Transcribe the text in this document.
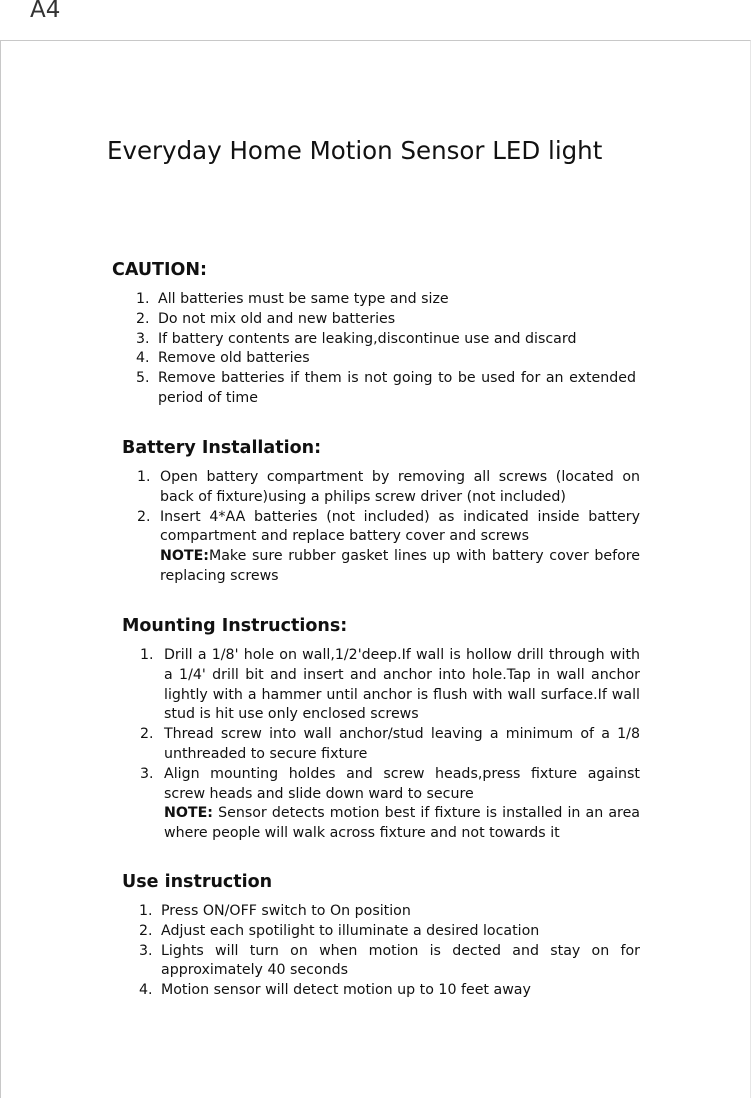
A4
Everyday Home Motion Sensor LED light
CAUTION:
1. All batteries must be same type and size
2. Do not mix old and new batteries
3. If battery contents are leaking,discontinue use and discard
4. Remove old batteries
5. Remove batteries if them is not going to be used for an extended period of time
Battery Installation:
1. Open battery compartment by removing all screws (located on back of fixture)using a philips screw driver (not included)
2. Insert 4*AA batteries (not included) as indicated inside battery compartment and replace battery cover and screws
NOTE:Make sure rubber gasket lines up with battery cover before replacing screws
Mounting Instructions:
1. Drill a 1/8' hole on wall,1/2'deep.If wall is hollow drill through with a 1/4' drill bit and insert and anchor into hole.Tap in wall anchor lightly with a hammer until anchor is flush with wall surface.If wall stud is hit use only enclosed screws
2. Thread screw into wall anchor/stud leaving a minimum of a 1/8 unthreaded to secure fixture
3. Align mounting holdes and screw heads,press fixture against screw heads and slide down ward to secure
NOTE: Sensor detects motion best if fixture is installed in an area where people will walk across fixture and not towards it
Use instruction
1. Press ON/OFF switch to On position
2. Adjust each spotilight to illuminate a desired location
3. Lights will turn on when motion is dected and stay on for approximately 40 seconds
4. Motion sensor will detect motion up to 10 feet away
